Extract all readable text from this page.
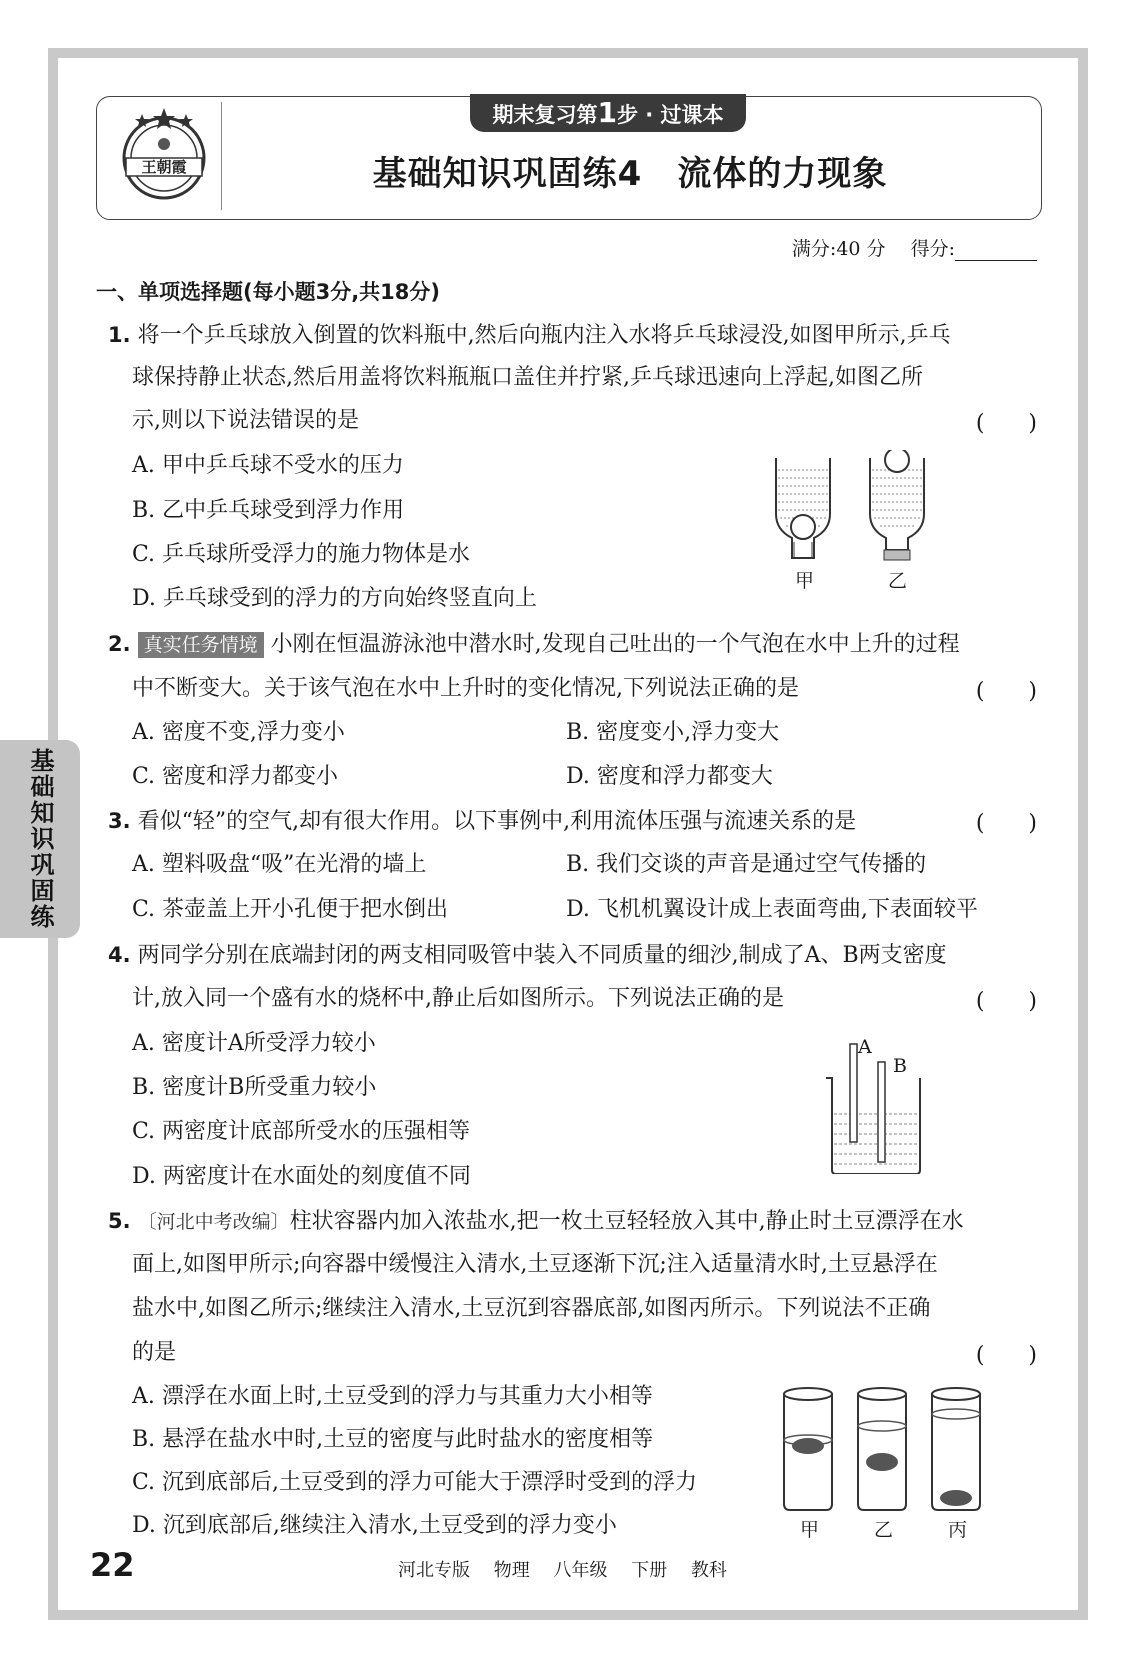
王朝霞
期末复习第1步 · 过课本
基础知识巩固练4　流体的力现象
满分:40 分　 得分:
一、单项选择题(每小题3分,共18分)
1. 将一个乒乓球放入倒置的饮料瓶中,然后向瓶内注入水将乒乓球浸没,如图甲所示,乒乓
球保持静止状态,然后用盖将饮料瓶瓶口盖住并拧紧,乒乓球迅速向上浮起,如图乙所
示,则以下说法错误的是	(　　)
A. 甲中乒乓球不受水的压力
B. 乙中乒乓球受到浮力作用
C. 乒乓球所受浮力的施力物体是水
D. 乒乓球受到的浮力的方向始终竖直向上
甲	乙
2. 真实任务情境 小刚在恒温游泳池中潜水时,发现自己吐出的一个气泡在水中上升的过程
中不断变大。关于该气泡在水中上升时的变化情况,下列说法正确的是	(　　)
A. 密度不变,浮力变小	B. 密度变小,浮力变大
C. 密度和浮力都变小	D. 密度和浮力都变大
3. 看似“轻”的空气,却有很大作用。以下事例中,利用流体压强与流速关系的是	(　　)
A. 塑料吸盘“吸”在光滑的墙上	B. 我们交谈的声音是通过空气传播的
C. 茶壶盖上开小孔便于把水倒出	D. 飞机机翼设计成上表面弯曲,下表面较平
4. 两同学分别在底端封闭的两支相同吸管中装入不同质量的细沙,制成了A、B两支密度
计,放入同一个盛有水的烧杯中,静止后如图所示。下列说法正确的是	(　　)
A. 密度计A所受浮力较小
B. 密度计B所受重力较小
C. 两密度计底部所受水的压强相等
D. 两密度计在水面处的刻度值不同
A
B
5. 〔河北中考改编〕柱状容器内加入浓盐水,把一枚土豆轻轻放入其中,静止时土豆漂浮在水
面上,如图甲所示;向容器中缓慢注入清水,土豆逐渐下沉;注入适量清水时,土豆悬浮在
盐水中,如图乙所示;继续注入清水,土豆沉到容器底部,如图丙所示。下列说法不正确
的是	(　　)
A. 漂浮在水面上时,土豆受到的浮力与其重力大小相等
B. 悬浮在盐水中时,土豆的密度与此时盐水的密度相等
C. 沉到底部后,土豆受到的浮力可能大于漂浮时受到的浮力
D. 沉到底部后,继续注入清水,土豆受到的浮力变小	甲	乙	丙
基础知识巩固练
22	河北专版 物理 八年级 下册 教科
